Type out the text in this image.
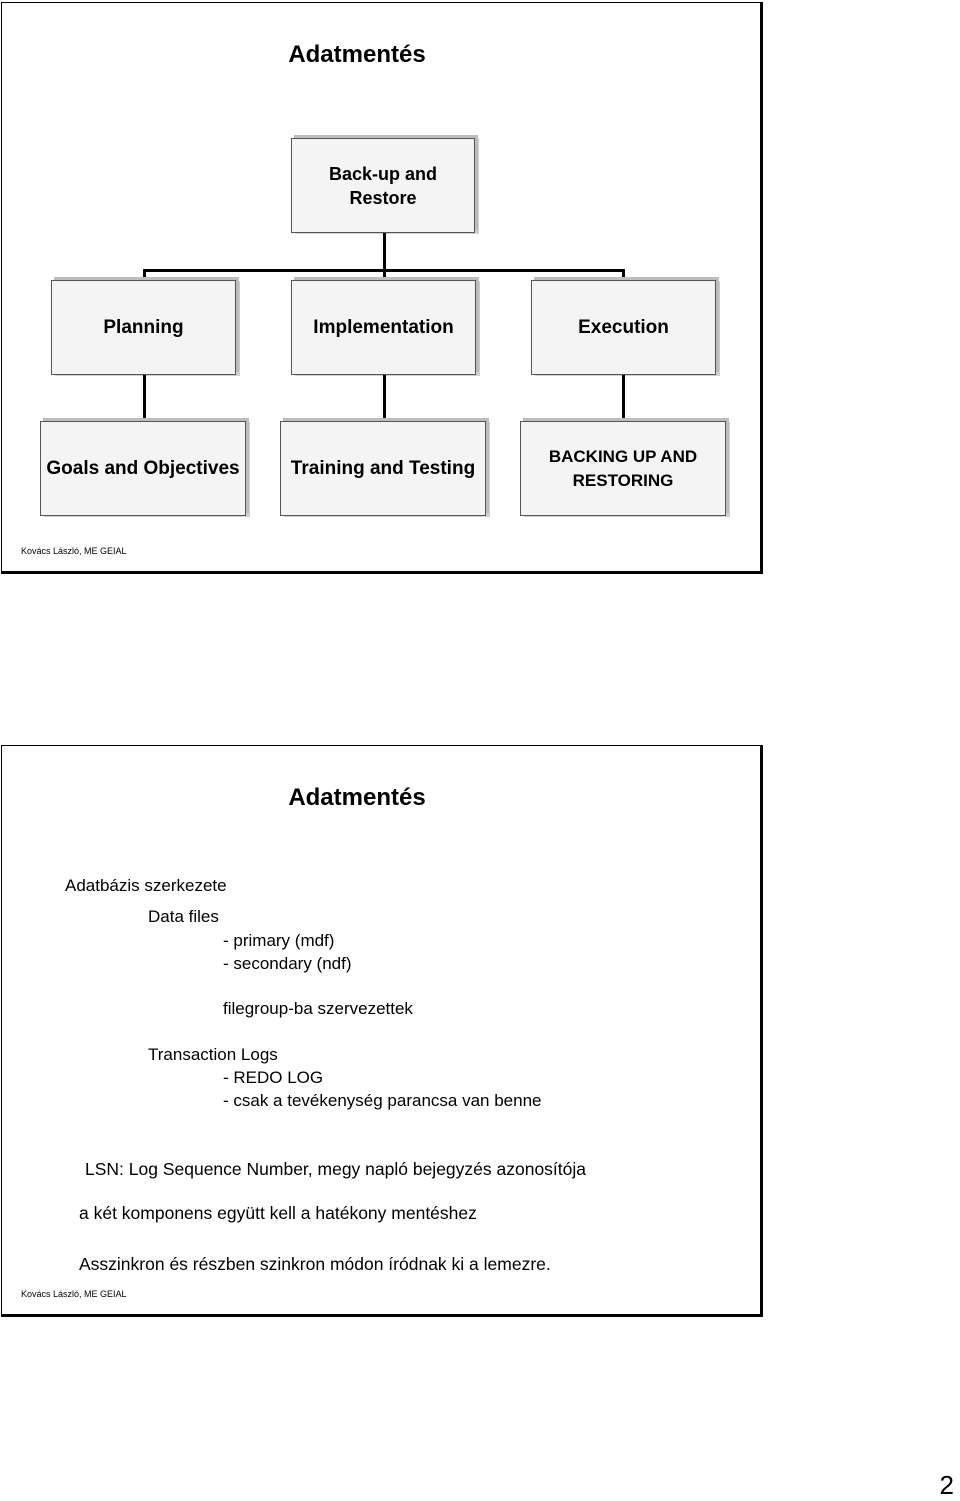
Adatmentés
Back-up and Restore
Planning	Implementation	Execution
Goals and Objectives	Training and Testing
BACKING UP AND RESTORING
Kovács László, ME GEIAL
Adatmentés
Adatbázis szerkezete
Data files
- primary (mdf)
- secondary (ndf)
filegroup-ba szervezettek
Transaction Logs
- REDO LOG
- csak a tevékenység parancsa van benne
LSN: Log Sequence Number, megy napló bejegyzés azonosítója
a két komponens együtt kell a hatékony mentéshez
Asszinkron és részben szinkron módon íródnak ki a lemezre.
Kovács László, ME GEIAL
2
